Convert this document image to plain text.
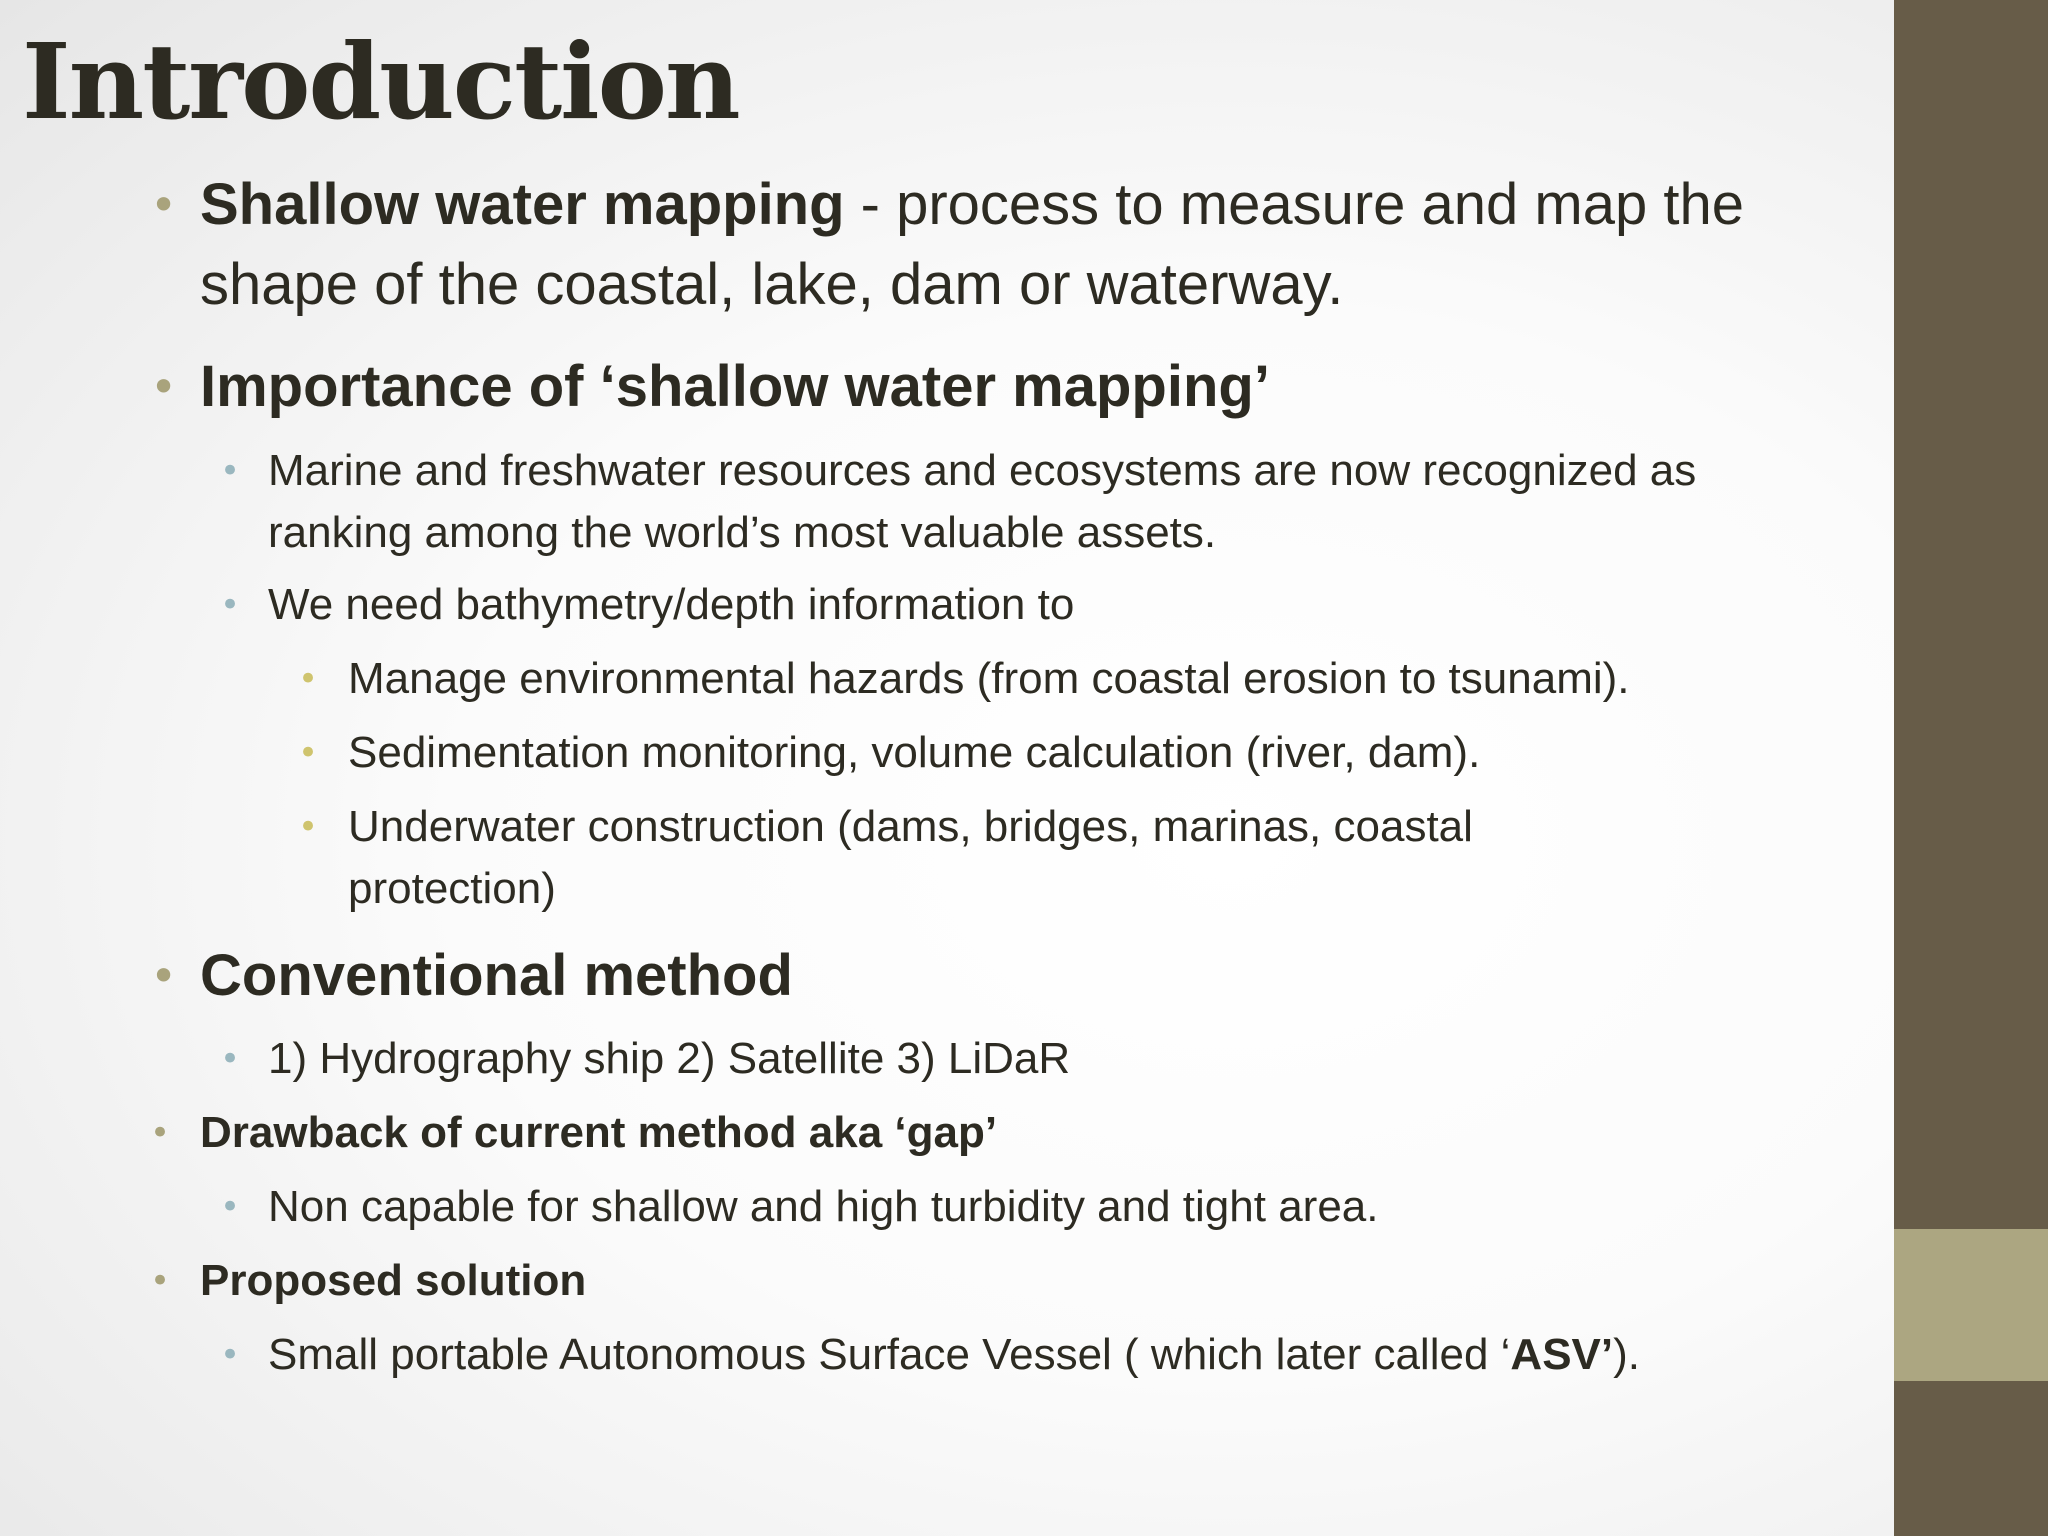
Introduction
• Shallow water mapping - process to measure and map the shape of the coastal, lake, dam or waterway.
• Importance of ‘shallow water mapping’
• Marine and freshwater resources and ecosystems are now recognized as ranking among the world’s most valuable assets.
• We need bathymetry/depth information to
• Manage environmental hazards (from coastal erosion to tsunami).
• Sedimentation monitoring, volume calculation (river, dam).
• Underwater construction (dams, bridges, marinas, coastal protection)
• Conventional method
• 1) Hydrography ship 2) Satellite 3) LiDaR
• Drawback of current method aka ‘gap’
• Non capable for shallow and high turbidity and tight area.
• Proposed solution
• Small portable Autonomous Surface Vessel ( which later called ‘ASV’).
